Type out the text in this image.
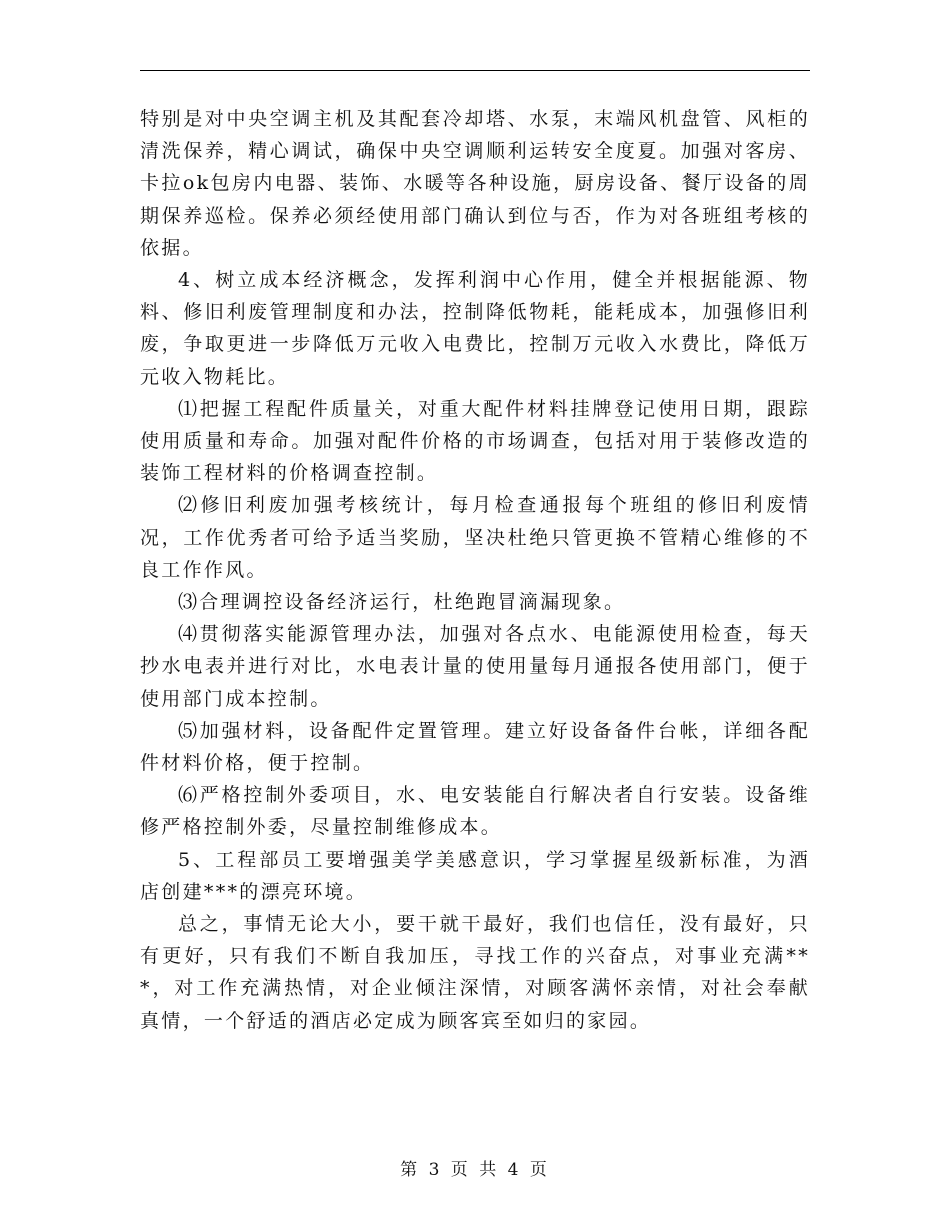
特别是对中央空调主机及其配套冷却塔、水泵，末端风机盘管、风柜的清洗保养，精心调试，确保中央空调顺利运转安全度夏。加强对客房、卡拉ok包房内电器、装饰、水暖等各种设施，厨房设备、餐厅设备的周期保养巡检。保养必须经使用部门确认到位与否，作为对各班组考核的依据。

4、树立成本经济概念，发挥利润中心作用，健全并根据能源、物料、修旧利废管理制度和办法，控制降低物耗，能耗成本，加强修旧利废，争取更进一步降低万元收入电费比，控制万元收入水费比，降低万元收入物耗比。

⑴把握工程配件质量关，对重大配件材料挂牌登记使用日期，跟踪使用质量和寿命。加强对配件价格的市场调查，包括对用于装修改造的装饰工程材料的价格调查控制。

⑵修旧利废加强考核统计，每月检查通报每个班组的修旧利废情况，工作优秀者可给予适当奖励，坚决杜绝只管更换不管精心维修的不良工作作风。

⑶合理调控设备经济运行，杜绝跑冒滴漏现象。

⑷贯彻落实能源管理办法，加强对各点水、电能源使用检查，每天抄水电表并进行对比，水电表计量的使用量每月通报各使用部门，便于使用部门成本控制。

⑸加强材料，设备配件定置管理。建立好设备备件台帐，详细各配件材料价格，便于控制。

⑹严格控制外委项目，水、电安装能自行解决者自行安装。设备维修严格控制外委，尽量控制维修成本。

5、工程部员工要增强美学美感意识，学习掌握星级新标准，为酒店创建***的漂亮环境。

总之，事情无论大小，要干就干最好，我们也信任，没有最好，只有更好，只有我们不断自我加压，寻找工作的兴奋点，对事业充满***，对工作充满热情，对企业倾注深情，对顾客满怀亲情，对社会奉献真情，一个舒适的酒店必定成为顾客宾至如归的家园。

第 3 页 共 4 页
